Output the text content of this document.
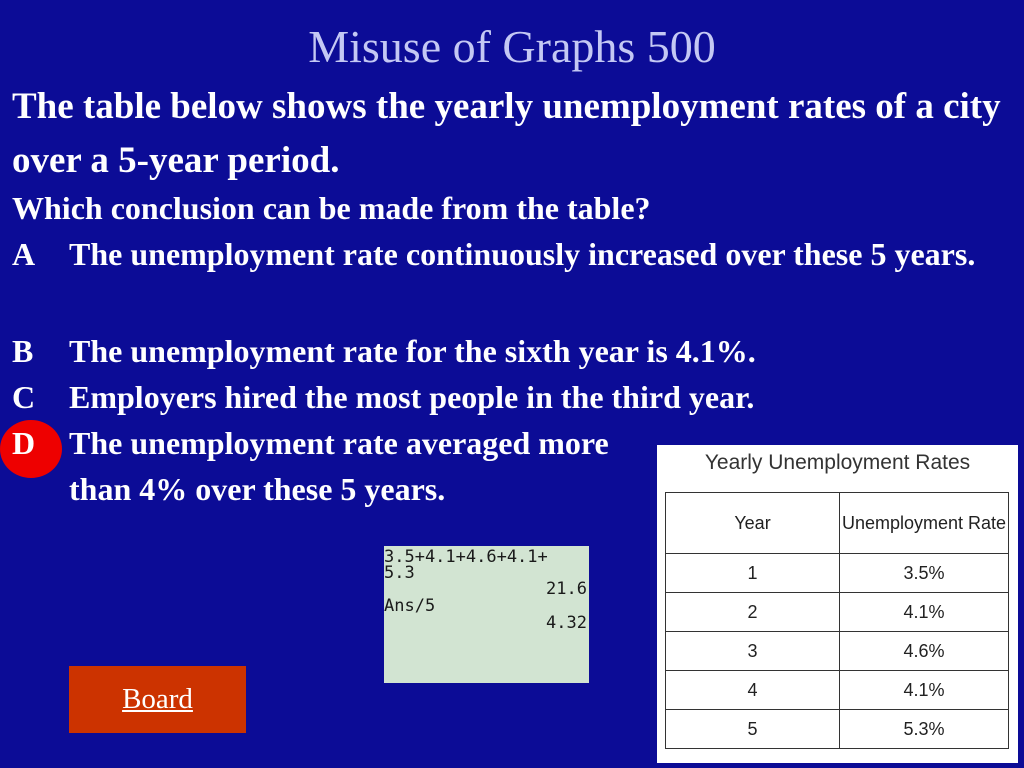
Misuse of Graphs 500
The table below shows the yearly unemployment rates of a city over a 5-year period.
Which conclusion can be made from the table?
A	The unemployment rate continuously increased over these 5 years.
B	The unemployment rate for the sixth year is 4.1%.
C	Employers hired the most people in the third year.
D	The unemployment rate averaged more than 4% over these 5 years.
3.5+4.1+4.6+4.1+
5.3
21.6
Ans/5
4.32
Board
Yearly Unemployment Rates
Year	Unemployment Rate
1	3.5%
2	4.1%
3	4.6%
4	4.1%
5	5.3%
